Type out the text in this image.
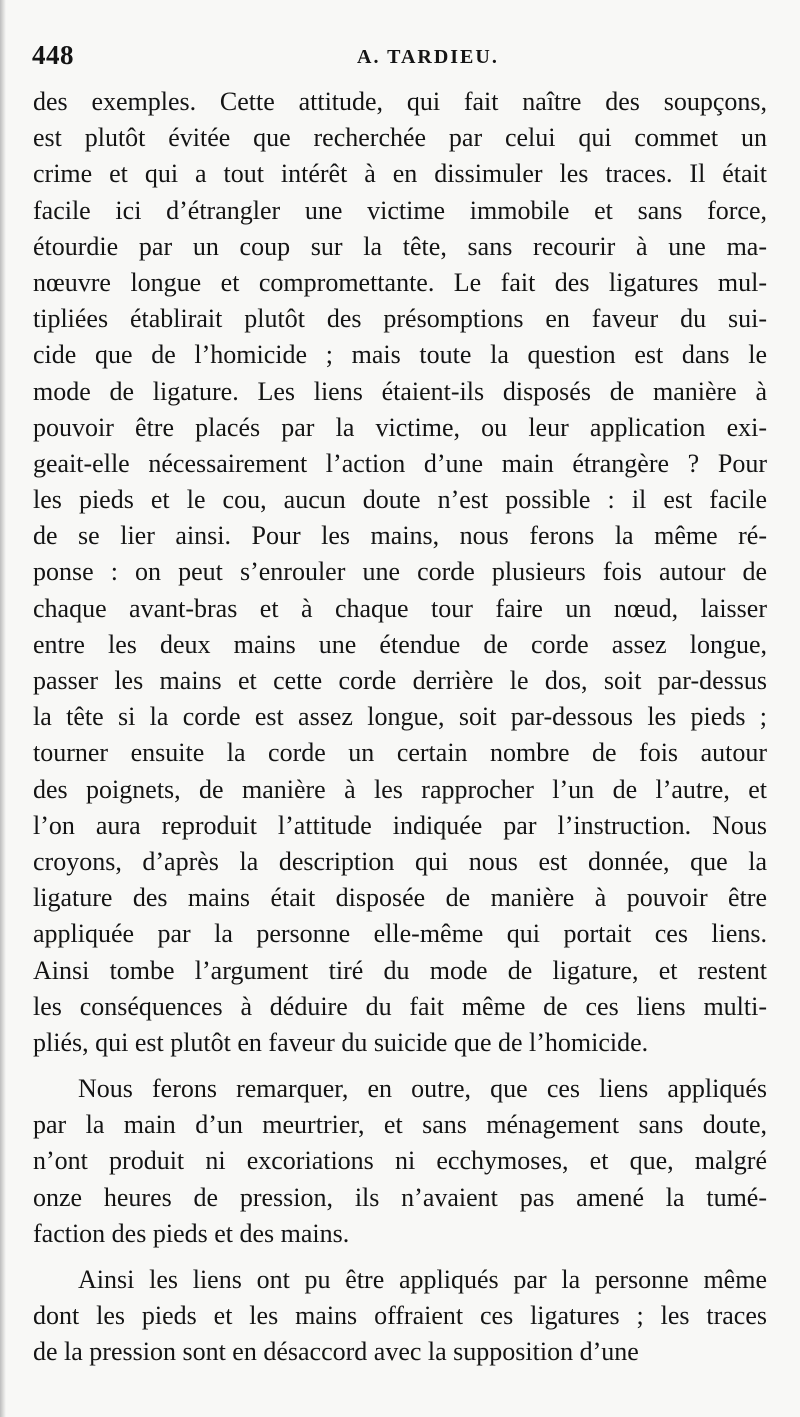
448	A. TARDIEU.
des exemples. Cette attitude, qui fait naître des soupçons,
est plutôt évitée que recherchée par celui qui commet un
crime et qui a tout intérêt à en dissimuler les traces. Il était
facile ici d’étrangler une victime immobile et sans force,
étourdie par un coup sur la tête, sans recourir à une ma-
nœuvre longue et compromettante. Le fait des ligatures mul-
tipliées établirait plutôt des présomptions en faveur du sui-
cide que de l’homicide ; mais toute la question est dans le
mode de ligature. Les liens étaient-ils disposés de manière à
pouvoir être placés par la victime, ou leur application exi-
geait-elle nécessairement l’action d’une main étrangère ? Pour
les pieds et le cou, aucun doute n’est possible : il est facile
de se lier ainsi. Pour les mains, nous ferons la même ré-
ponse : on peut s’enrouler une corde plusieurs fois autour de
chaque avant-bras et à chaque tour faire un nœud, laisser
entre les deux mains une étendue de corde assez longue,
passer les mains et cette corde derrière le dos, soit par-dessus
la tête si la corde est assez longue, soit par-dessous les pieds ;
tourner ensuite la corde un certain nombre de fois autour
des poignets, de manière à les rapprocher l’un de l’autre, et
l’on aura reproduit l’attitude indiquée par l’instruction. Nous
croyons, d’après la description qui nous est donnée, que la
ligature des mains était disposée de manière à pouvoir être
appliquée par la personne elle-même qui portait ces liens.
Ainsi tombe l’argument tiré du mode de ligature, et restent
les conséquences à déduire du fait même de ces liens multi-
pliés, qui est plutôt en faveur du suicide que de l’homicide.
Nous ferons remarquer, en outre, que ces liens appliqués
par la main d’un meurtrier, et sans ménagement sans doute,
n’ont produit ni excoriations ni ecchymoses, et que, malgré
onze heures de pression, ils n’avaient pas amené la tumé-
faction des pieds et des mains.
Ainsi les liens ont pu être appliqués par la personne même
dont les pieds et les mains offraient ces ligatures ; les traces
de la pression sont en désaccord avec la supposition d’une
